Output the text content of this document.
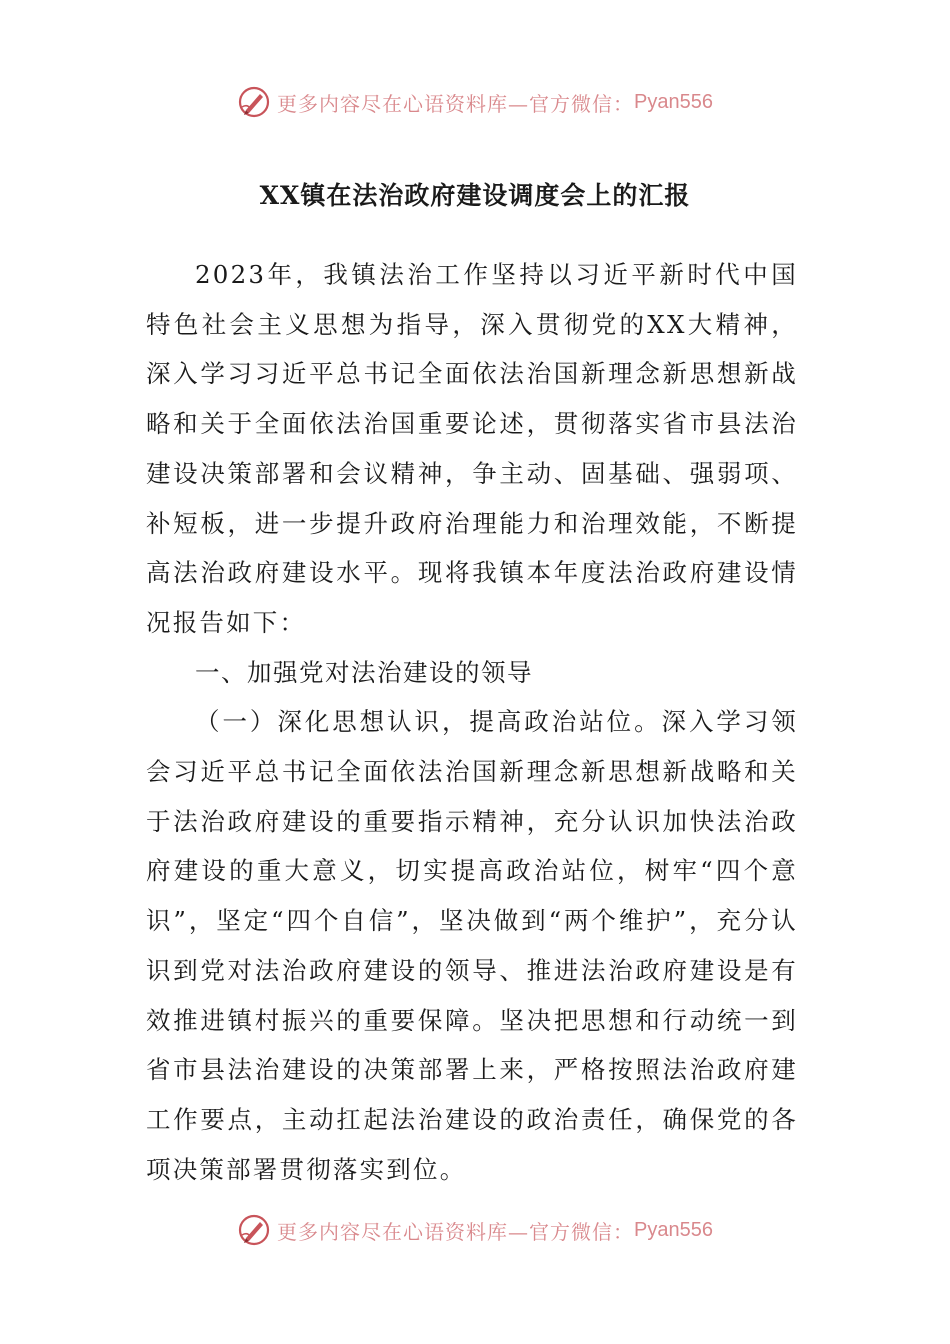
更多内容尽在心语资料库—官方微信： Pyan556
XX镇在法治政府建设调度会上的汇报

2023年，我镇法治工作坚持以习近平新时代中国特色社会主义思想为指导，深入贯彻党的XX大精神，深入学习习近平总书记全面依法治国新理念新思想新战略和关于全面依法治国重要论述，贯彻落实省市县法治建设决策部署和会议精神，争主动、固基础、强弱项、补短板，进一步提升政府治理能力和治理效能，不断提高法治政府建设水平。现将我镇本年度法治政府建设情况报告如下：

一、加强党对法治建设的领导

（一）深化思想认识，提高政治站位。深入学习领会习近平总书记全面依法治国新理念新思想新战略和关于法治政府建设的重要指示精神，充分认识加快法治政府建设的重大意义，切实提高政治站位，树牢“四个意识”，坚定“四个自信”，坚决做到“两个维护”，充分认识到党对法治政府建设的领导、推进法治政府建设是有效推进镇村振兴的重要保障。坚决把思想和行动统一到省市县法治建设的决策部署上来，严格按照法治政府建工作要点，主动扛起法治建设的政治责任，确保党的各项决策部署贯彻落实到位。

更多内容尽在心语资料库—官方微信： Pyan556
